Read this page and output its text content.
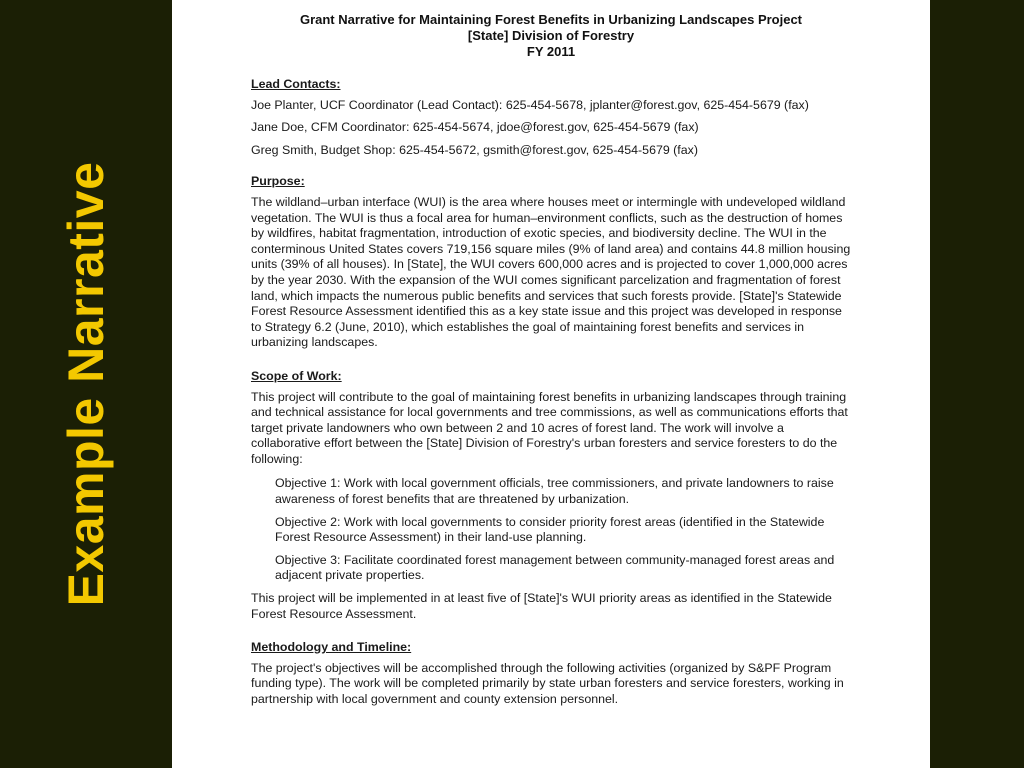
Example Narrative
Grant Narrative for Maintaining Forest Benefits in Urbanizing Landscapes Project
[State] Division of Forestry
FY 2011
Lead Contacts:
Joe Planter, UCF Coordinator (Lead Contact): 625-454-5678, jplanter@forest.gov, 625-454-5679 (fax)
Jane Doe, CFM Coordinator: 625-454-5674, jdoe@forest.gov, 625-454-5679 (fax)
Greg Smith, Budget Shop: 625-454-5672, gsmith@forest.gov, 625-454-5679 (fax)
Purpose:
The wildland–urban interface (WUI) is the area where houses meet or intermingle with undeveloped wildland vegetation. The WUI is thus a focal area for human–environment conflicts, such as the destruction of homes by wildfires, habitat fragmentation, introduction of exotic species, and biodiversity decline. The WUI in the conterminous United States covers 719,156 square miles (9% of land area) and contains 44.8 million housing units (39% of all houses). In [State], the WUI covers 600,000 acres and is projected to cover 1,000,000 acres by the year 2030. With the expansion of the WUI comes significant parcelization and fragmentation of forest land, which impacts the numerous public benefits and services that such forests provide. [State]'s Statewide Forest Resource Assessment identified this as a key state issue and this project was developed in response to Strategy 6.2 (June, 2010), which establishes the goal of maintaining forest benefits and services in urbanizing landscapes.
Scope of Work:
This project will contribute to the goal of maintaining forest benefits in urbanizing landscapes through training and technical assistance for local governments and tree commissions, as well as communications efforts that target private landowners who own between 2 and 10 acres of forest land. The work will involve a collaborative effort between the [State] Division of Forestry's urban foresters and service foresters to do the following:
Objective 1: Work with local government officials, tree commissioners, and private landowners to raise awareness of forest benefits that are threatened by urbanization.
Objective 2: Work with local governments to consider priority forest areas (identified in the Statewide Forest Resource Assessment) in their land-use planning.
Objective 3: Facilitate coordinated forest management between community-managed forest areas and adjacent private properties.
This project will be implemented in at least five of [State]'s WUI priority areas as identified in the Statewide Forest Resource Assessment.
Methodology and Timeline:
The project's objectives will be accomplished through the following activities (organized by S&PF Program funding type). The work will be completed primarily by state urban foresters and service foresters, working in partnership with local government and county extension personnel.
